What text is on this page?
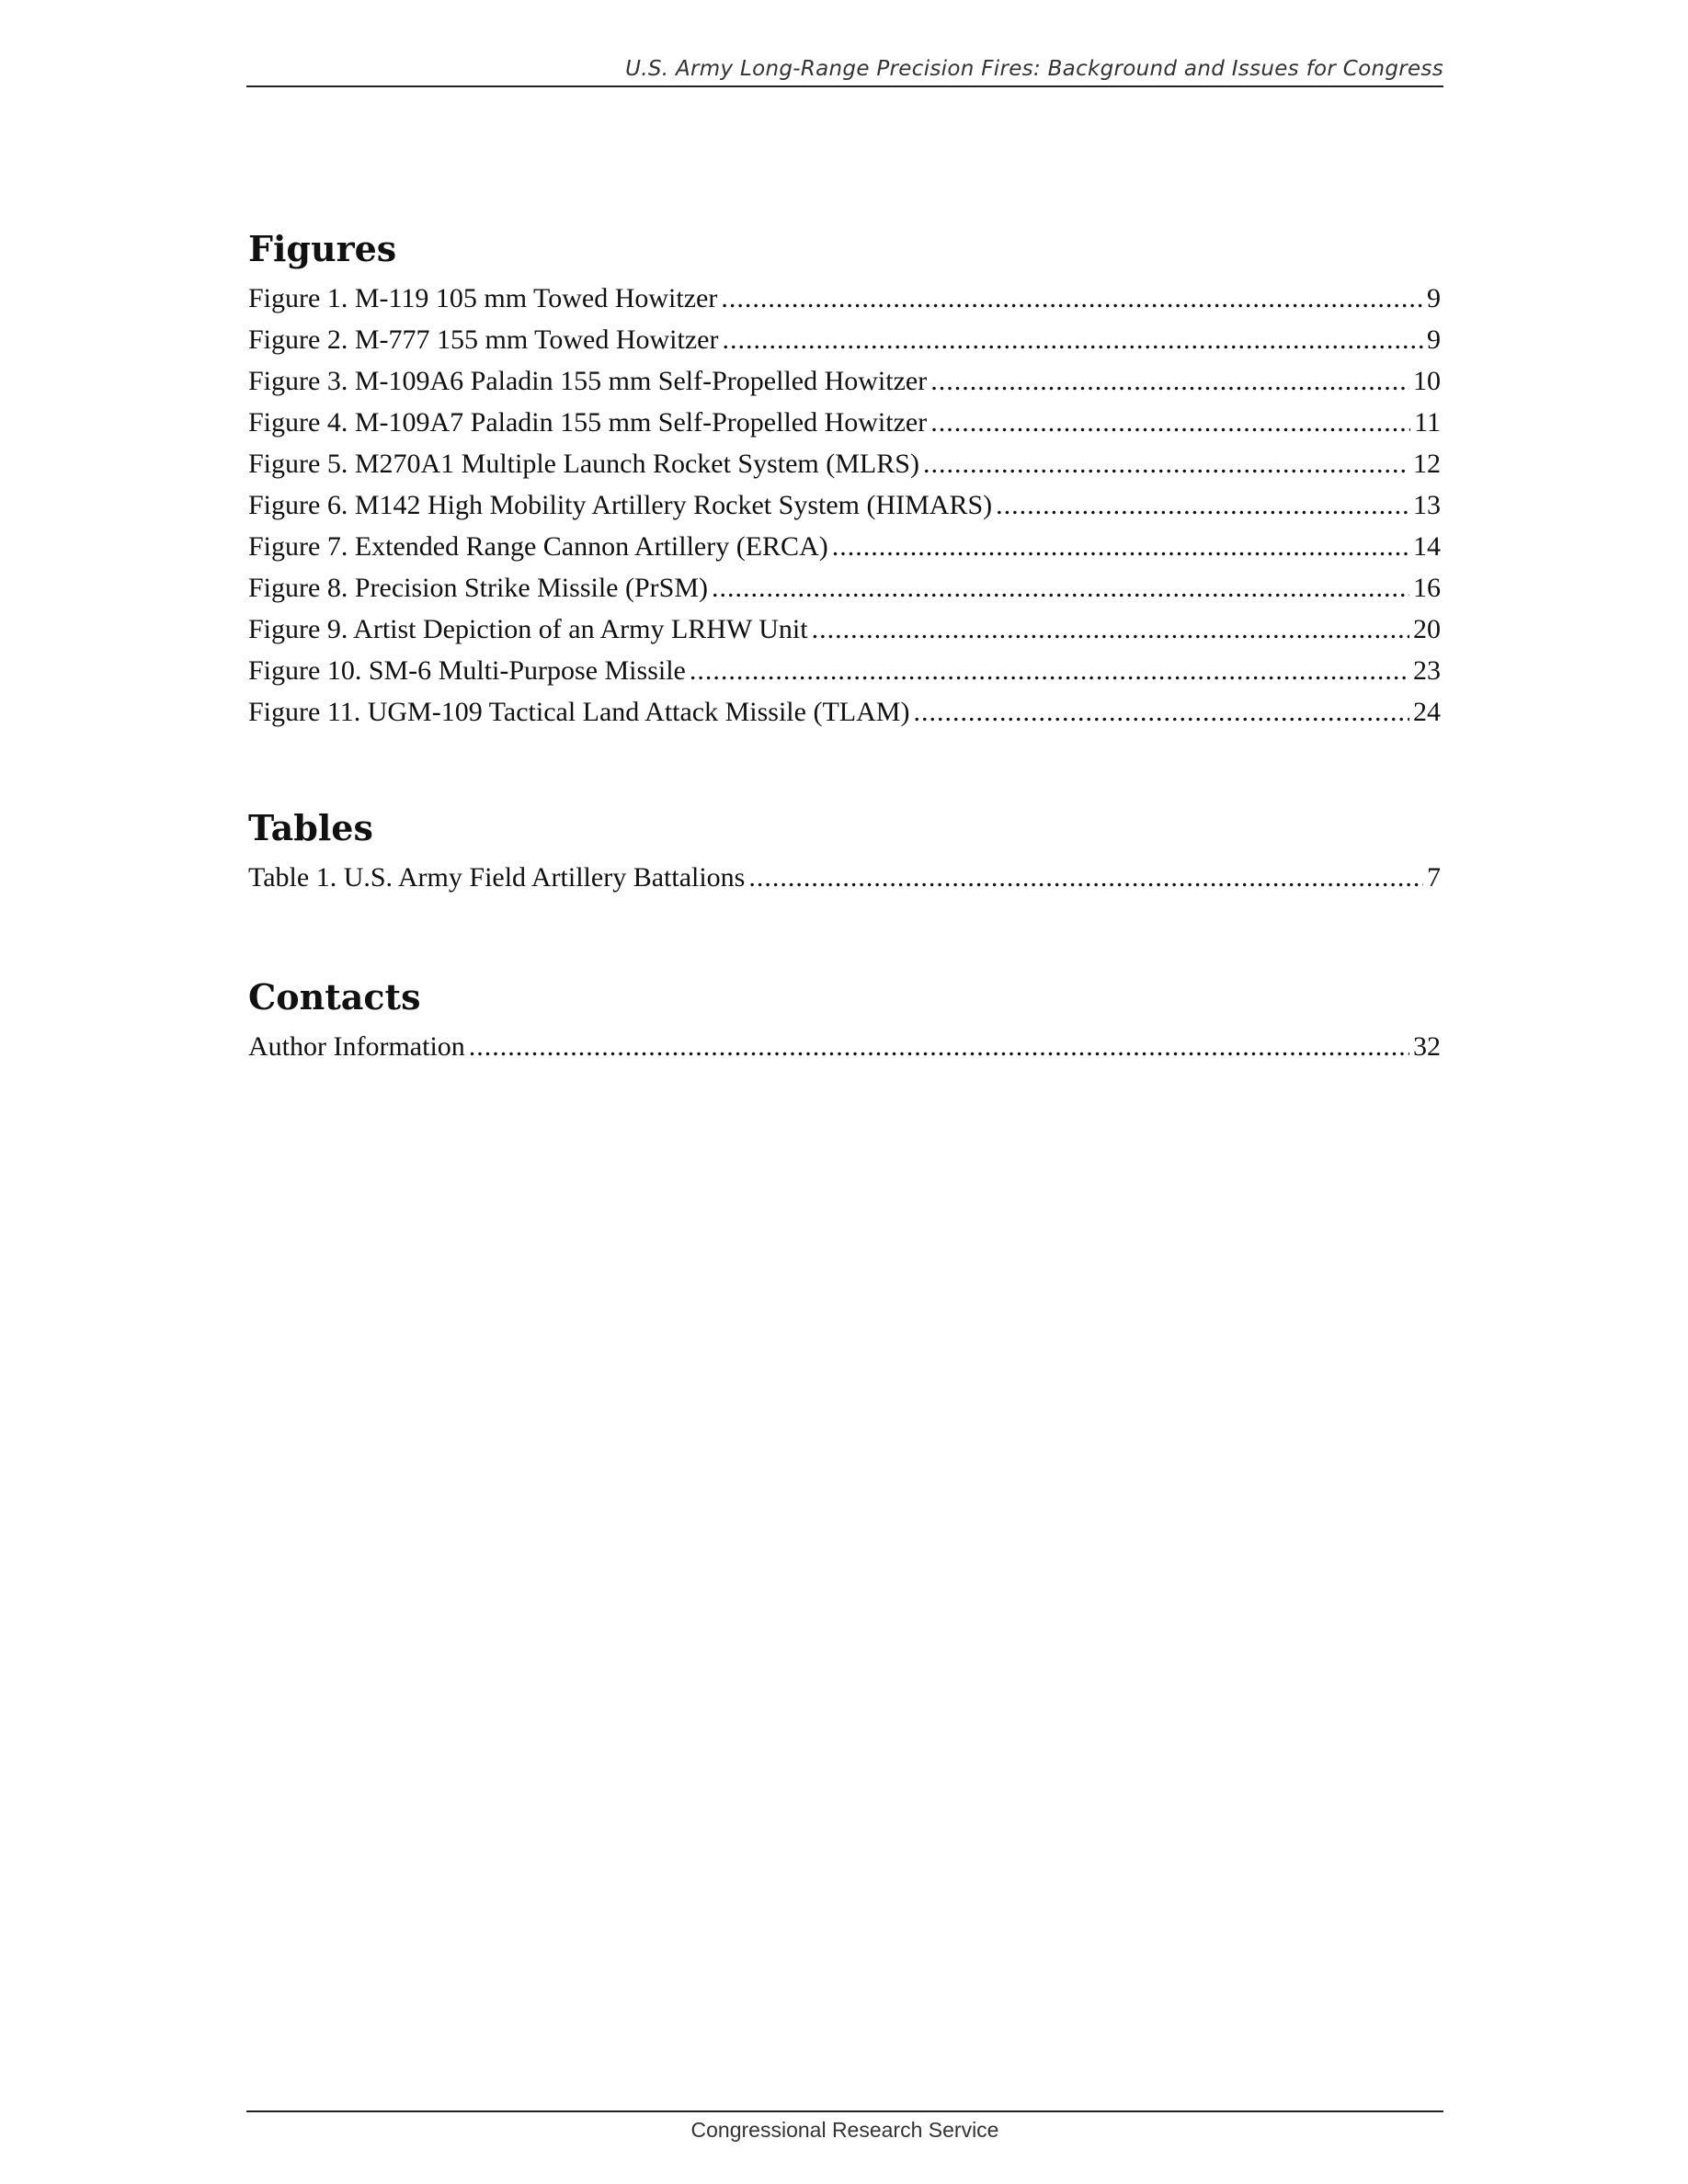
U.S. Army Long-Range Precision Fires: Background and Issues for Congress
Figures
Figure 1. M-119 105 mm Towed Howitzer .....	9
Figure 2. M-777 155 mm Towed Howitzer .....	9
Figure 3. M-109A6 Paladin 155 mm Self-Propelled Howitzer .....	10
Figure 4. M-109A7 Paladin 155 mm Self-Propelled Howitzer .....	11
Figure 5. M270A1 Multiple Launch Rocket System (MLRS) .....	12
Figure 6. M142 High Mobility Artillery Rocket System (HIMARS) .....	13
Figure 7. Extended Range Cannon Artillery (ERCA) .....	14
Figure 8. Precision Strike Missile (PrSM) .....	16
Figure 9. Artist Depiction of an Army LRHW Unit .....	20
Figure 10. SM-6 Multi-Purpose Missile .....	23
Figure 11. UGM-109 Tactical Land Attack Missile (TLAM) .....	24
Tables
Table 1. U.S. Army Field Artillery Battalions .....	7
Contacts
Author Information .....	32
Congressional Research Service
